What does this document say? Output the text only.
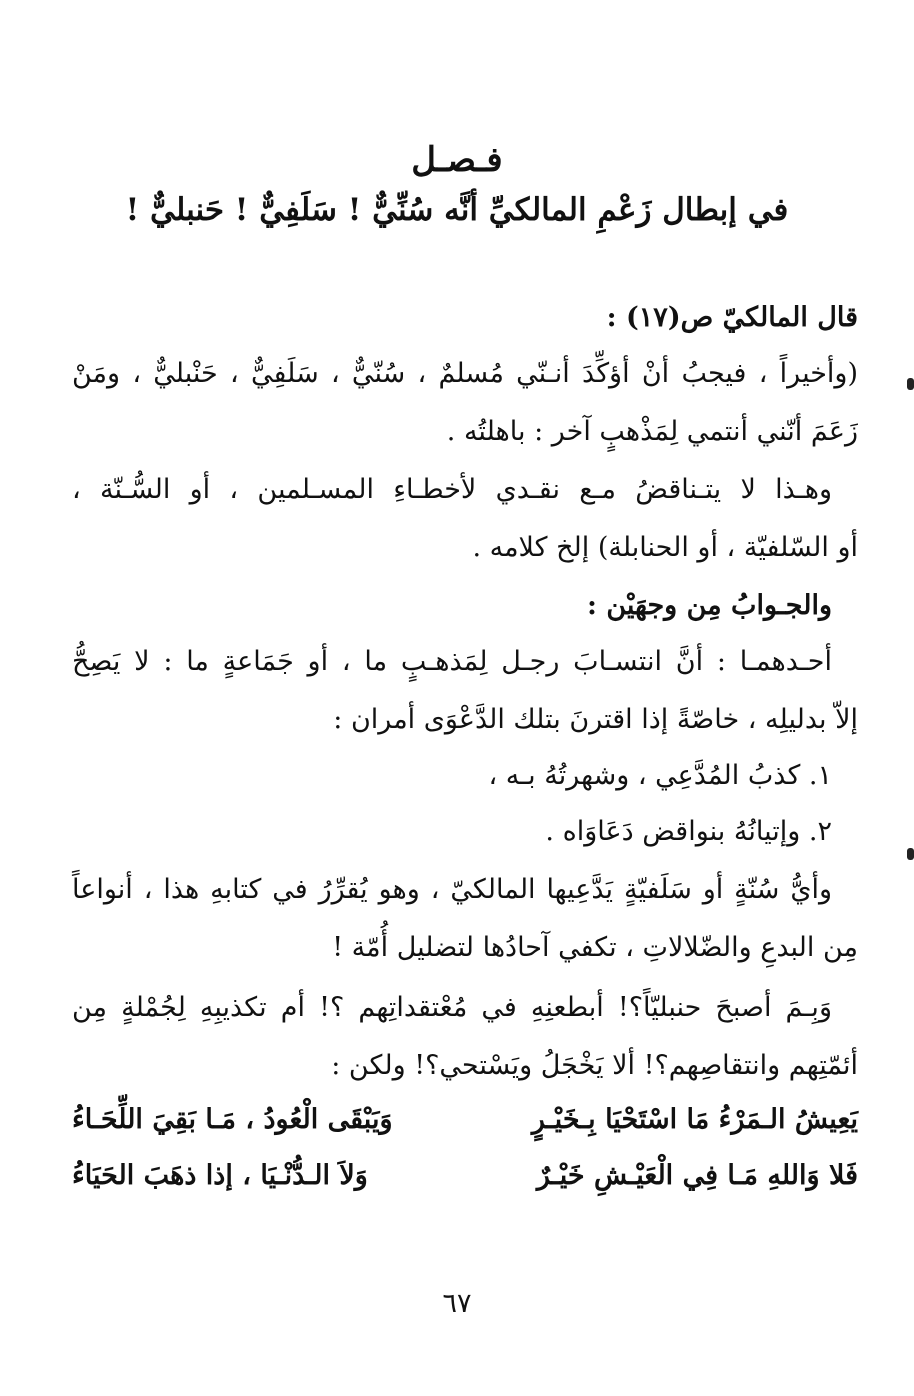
فـصـل
في إبطال زَعْمِ المالكيِّ أنَّه سُنِّيٌّ ! سَلَفِيٌّ ! حَنبليٌّ !
قال المالكيّ ص(١٧) :
(وأخيراً ، فيجبُ أنْ أؤكِّدَ أنـنّي مُسلمٌ ، سُنّيٌّ ، سَلَفِيٌّ ، حَنْبليٌّ ، ومَنْ
زَعَمَ أنّني أنتمي لِمَذْهبٍ آخر : باهلتُه .
وهـذا لا يتـناقضُ مـع نقـدي لأخطـاءِ المسـلمين ، أو السُّـنّة ،
أو السّلفيّة ، أو الحنابلة) إلخ كلامه .
والجـوابُ مِن وجهَيْن :
أحـدهمـا : أنَّ انتسـابَ رجـل لِمَذهـبٍ ما ، أو جَمَاعةٍ ما : لا يَصِحُّ
إلاّ بدليلِه ، خاصّةً إذا اقترنَ بتلك الدَّعْوَى أمران :
١. كذبُ المُدَّعِي ، وشهرتُهُ بـه ،
٢. وإتيانُهُ بنواقض دَعَاوَاه .
وأيُّ سُنّةٍ أو سَلَفيّةٍ يَدَّعِيها المالكيّ ، وهو يُقرِّرُ في كتابهِ هذا ، أنواعاً
مِن البدعِ والضّلالاتِ ، تكفي آحادُها لتضليل أُمّة !
وَبِـمَ أصبحَ حنبليّاً؟! أبطعنِهِ في مُعْتقداتِهم ؟! أم تكذيبِهِ لِجُمْلةٍ مِن
أئمّتِهم وانتقاصِهم؟! ألا يَخْجَلُ ويَسْتحي؟! ولكن :
يَعِيشُ الـمَرْءُ مَا اسْتَحْيَا بِـخَيْـرٍ
وَيَبْقَى الْعُودُ ، مَـا بَقِيَ اللِّحَـاءُ
فَلا وَاللهِ مَـا فِي الْعَيْـشِ خَيْـرٌ
وَلاَ الـدُّنْـيَا ، إذا ذهَبَ الحَيَاءُ
٦٧
